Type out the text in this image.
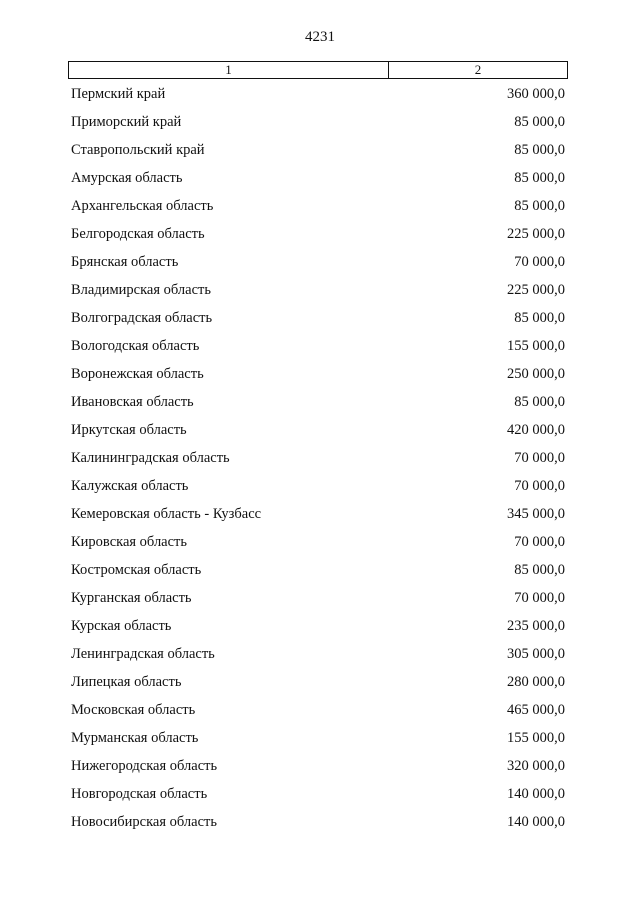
4231
1	2
Пермский край	360 000,0
Приморский край	85 000,0
Ставропольский край	85 000,0
Амурская область	85 000,0
Архангельская область	85 000,0
Белгородская область	225 000,0
Брянская область	70 000,0
Владимирская область	225 000,0
Волгоградская область	85 000,0
Вологодская область	155 000,0
Воронежская область	250 000,0
Ивановская область	85 000,0
Иркутская область	420 000,0
Калининградская область	70 000,0
Калужская область	70 000,0
Кемеровская область - Кузбасс	345 000,0
Кировская область	70 000,0
Костромская область	85 000,0
Курганская область	70 000,0
Курская область	235 000,0
Ленинградская область	305 000,0
Липецкая область	280 000,0
Московская область	465 000,0
Мурманская область	155 000,0
Нижегородская область	320 000,0
Новгородская область	140 000,0
Новосибирская область	140 000,0
